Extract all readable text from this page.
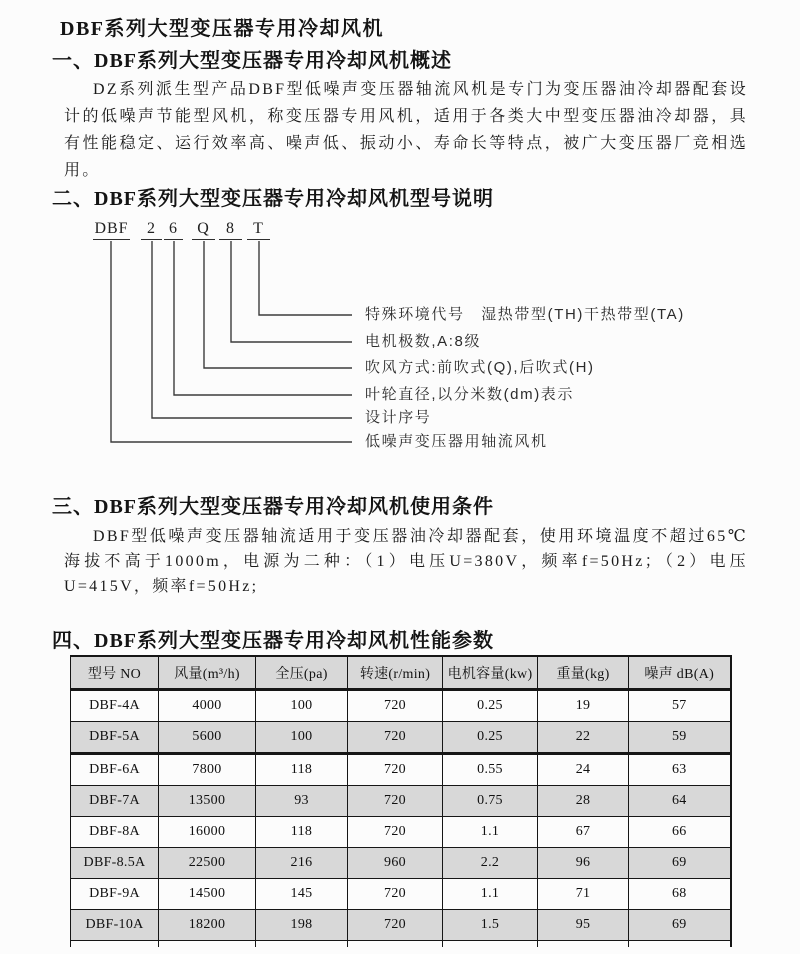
DBF系列大型变压器专用冷却风机
一、DBF系列大型变压器专用冷却风机概述

DZ系列派生型产品DBF型低噪声变压器轴流风机是专门为变压器油冷却器配套设计的低噪声节能型风机，称变压器专用风机，适用于各类大中型变压器油冷却器，具有性能稳定、运行效率高、噪声低、振动小、寿命长等特点，被广大变压器厂竞相选用。

二、DBF系列大型变压器专用冷却风机型号说明
DBF	2 6	Q	8	T
特殊环境代号　湿热带型(TH)干热带型(TA)
电机极数,A:8级
吹风方式:前吹式(Q),后吹式(H)
叶轮直径,以分米数(dm)表示
设计序号
低噪声变压器用轴流风机
三、DBF系列大型变压器专用冷却风机使用条件

DBF型低噪声变压器轴流适用于变压器油冷却器配套，使用环境温度不超过65℃海拔不高于1000m，电源为二种：（1）电压U=380V，频率f=50Hz；（2）电压U=415V，频率f=50Hz;

四、DBF系列大型变压器专用冷却风机性能参数
型号 NO	风量(m³/h)	全压(pa)	转速(r/min)	电机容量(kw)	重量(kg)	噪声 dB(A)
DBF-4A	4000	100	720	0.25	19	57
DBF-5A	5600	100	720	0.25	22	59
DBF-6A	7800	118	720	0.55	24	63
DBF-7A	13500	93	720	0.75	28	64
DBF-8A	16000	118	720	1.1	67	66
DBF-8.5A	22500	216	960	2.2	96	69
DBF-9A	14500	145	720	1.1	71	68
DBF-10A	18200	198	720	1.5	95	69
